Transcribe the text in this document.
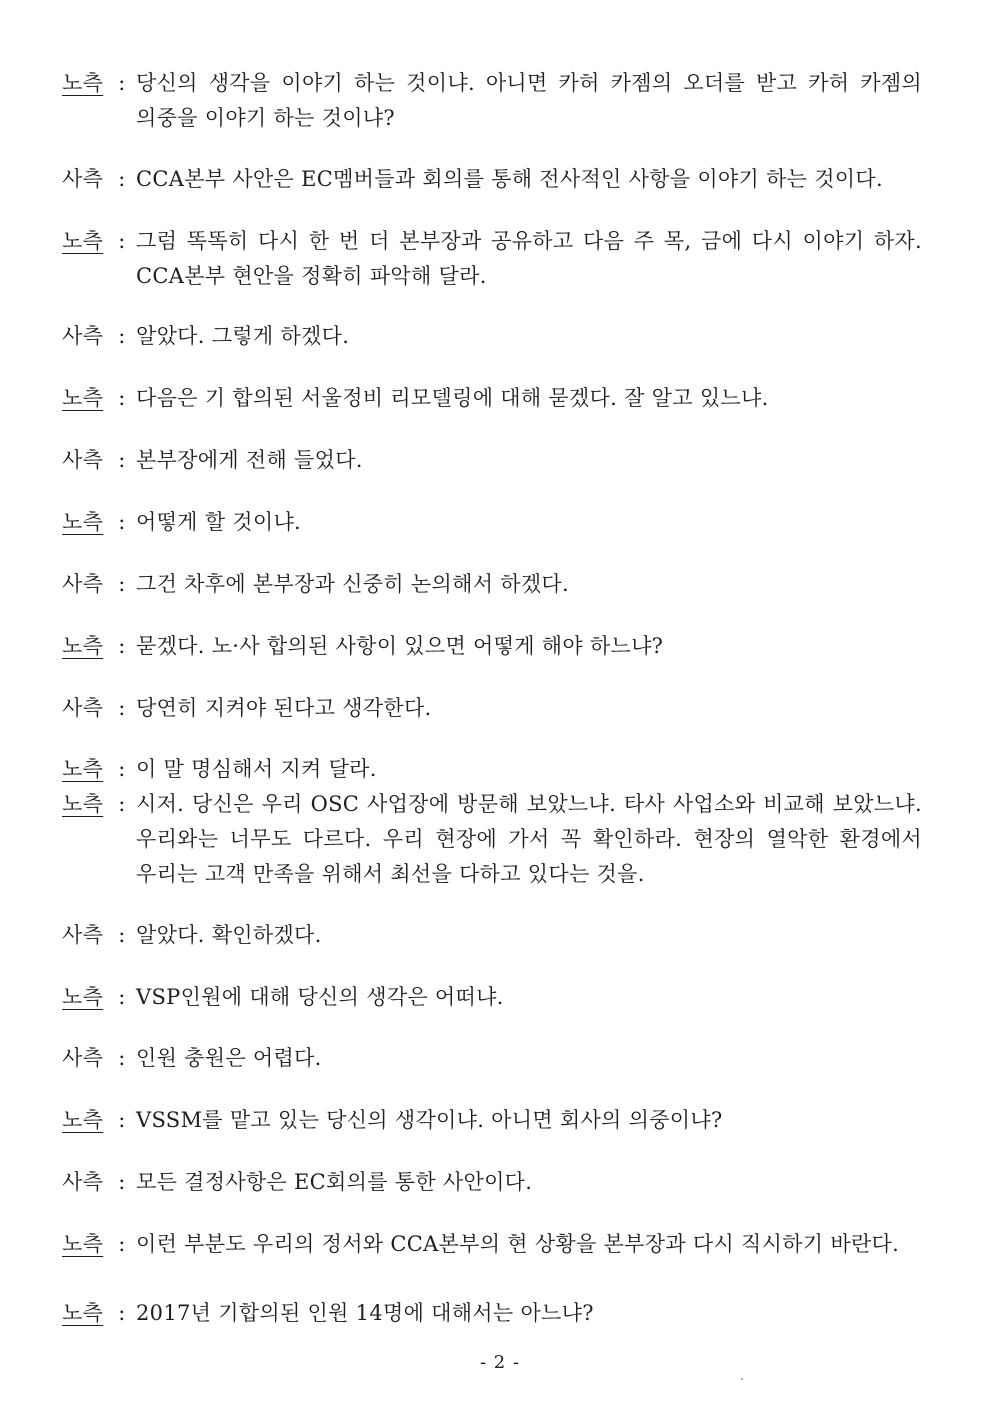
노측 : 당신의 생각을 이야기 하는 것이냐. 아니면 카허 카젬의 오더를 받고 카허 카젬의 의중을 이야기 하는 것이냐?
사측 : CCA본부 사안은 EC멤버들과 회의를 통해 전사적인 사항을 이야기 하는 것이다.
노측 : 그럼 똑똑히 다시 한 번 더 본부장과 공유하고 다음 주 목, 금에 다시 이야기 하자. CCA본부 현안을 정확히 파악해 달라.
사측 : 알았다. 그렇게 하겠다.
노측 : 다음은 기 합의된 서울정비 리모델링에 대해 묻겠다. 잘 알고 있느냐.
사측 : 본부장에게 전해 들었다.
노측 : 어떻게 할 것이냐.
사측 : 그건 차후에 본부장과 신중히 논의해서 하겠다.
노측 : 묻겠다. 노·사 합의된 사항이 있으면 어떻게 해야 하느냐?
사측 : 당연히 지켜야 된다고 생각한다.
노측 : 이 말 명심해서 지켜 달라.
노측 : 시저. 당신은 우리 OSC 사업장에 방문해 보았느냐. 타사 사업소와 비교해 보았느냐. 우리와는 너무도 다르다. 우리 현장에 가서 꼭 확인하라. 현장의 열악한 환경에서 우리는 고객 만족을 위해서 최선을 다하고 있다는 것을.
사측 : 알았다. 확인하겠다.
노측 : VSP인원에 대해 당신의 생각은 어떠냐.
사측 : 인원 충원은 어렵다.
노측 : VSSM를 맡고 있는 당신의 생각이냐. 아니면 회사의 의중이냐?
사측 : 모든 결정사항은 EC회의를 통한 사안이다.
노측 : 이런 부분도 우리의 정서와 CCA본부의 현 상황을 본부장과 다시 직시하기 바란다.
노측 : 2017년 기합의된 인원 14명에 대해서는 아느냐?
- 2 -
